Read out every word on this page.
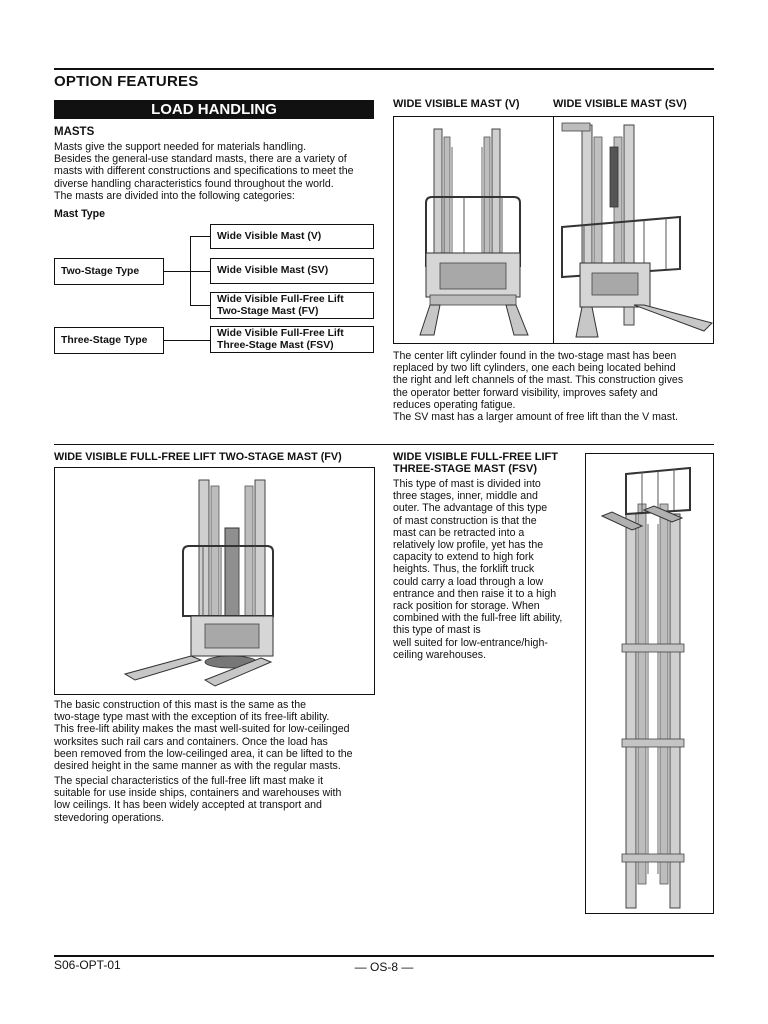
OPTION FEATURES
LOAD HANDLING
MASTS
Masts give the support needed for materials handling.
Besides the general-use standard masts, there are a variety of
masts with different constructions and specifications to meet the
diverse handling characteristics found throughout the world.
The masts are divided into the following categories:
Mast Type
Two-Stage Type
Three-Stage Type
Wide Visible Mast (V)
Wide Visible Mast (SV)
Wide Visible Full-Free Lift
Two-Stage Mast (FV)
Wide Visible Full-Free Lift
Three-Stage Mast (FSV)
WIDE VISIBLE MAST (V)	WIDE VISIBLE MAST (SV)
The center lift cylinder found in the two-stage mast has been
replaced by two lift cylinders, one each being located behind
the right and left channels of the mast. This construction gives
the operator better forward visibility, improves safety and
reduces operating fatigue.
The SV mast has a larger amount of free lift than the V mast.
WIDE VISIBLE FULL-FREE LIFT TWO-STAGE MAST (FV)
The basic construction of this mast is the same as the
two-stage type mast with the exception of its free-lift ability.
This free-lift ability makes the mast well-suited for low-ceilinged
worksites such rail cars and containers. Once the load has
been removed from the low-ceilinged area, it can be lifted to the
desired height in the same manner as with the regular masts.
The special characteristics of the full-free lift mast make it
suitable for use inside ships, containers and warehouses with
low ceilings. It has been widely accepted at transport and
stevedoring operations.
WIDE VISIBLE FULL-FREE LIFT
THREE-STAGE MAST (FSV)
This type of mast is divided into
three stages, inner, middle and
outer. The advantage of this type
of mast construction is that the
mast can be retracted into a
relatively low profile, yet has the
capacity to extend to high fork
heights. Thus, the forklift truck
could carry a load through a low
entrance and then raise it to a high
rack position for storage. When
combined with the full-free lift ability,
this type of mast is
well suited for low-entrance/high-
ceiling warehouses.
S06-OPT-01	— OS-8 —
